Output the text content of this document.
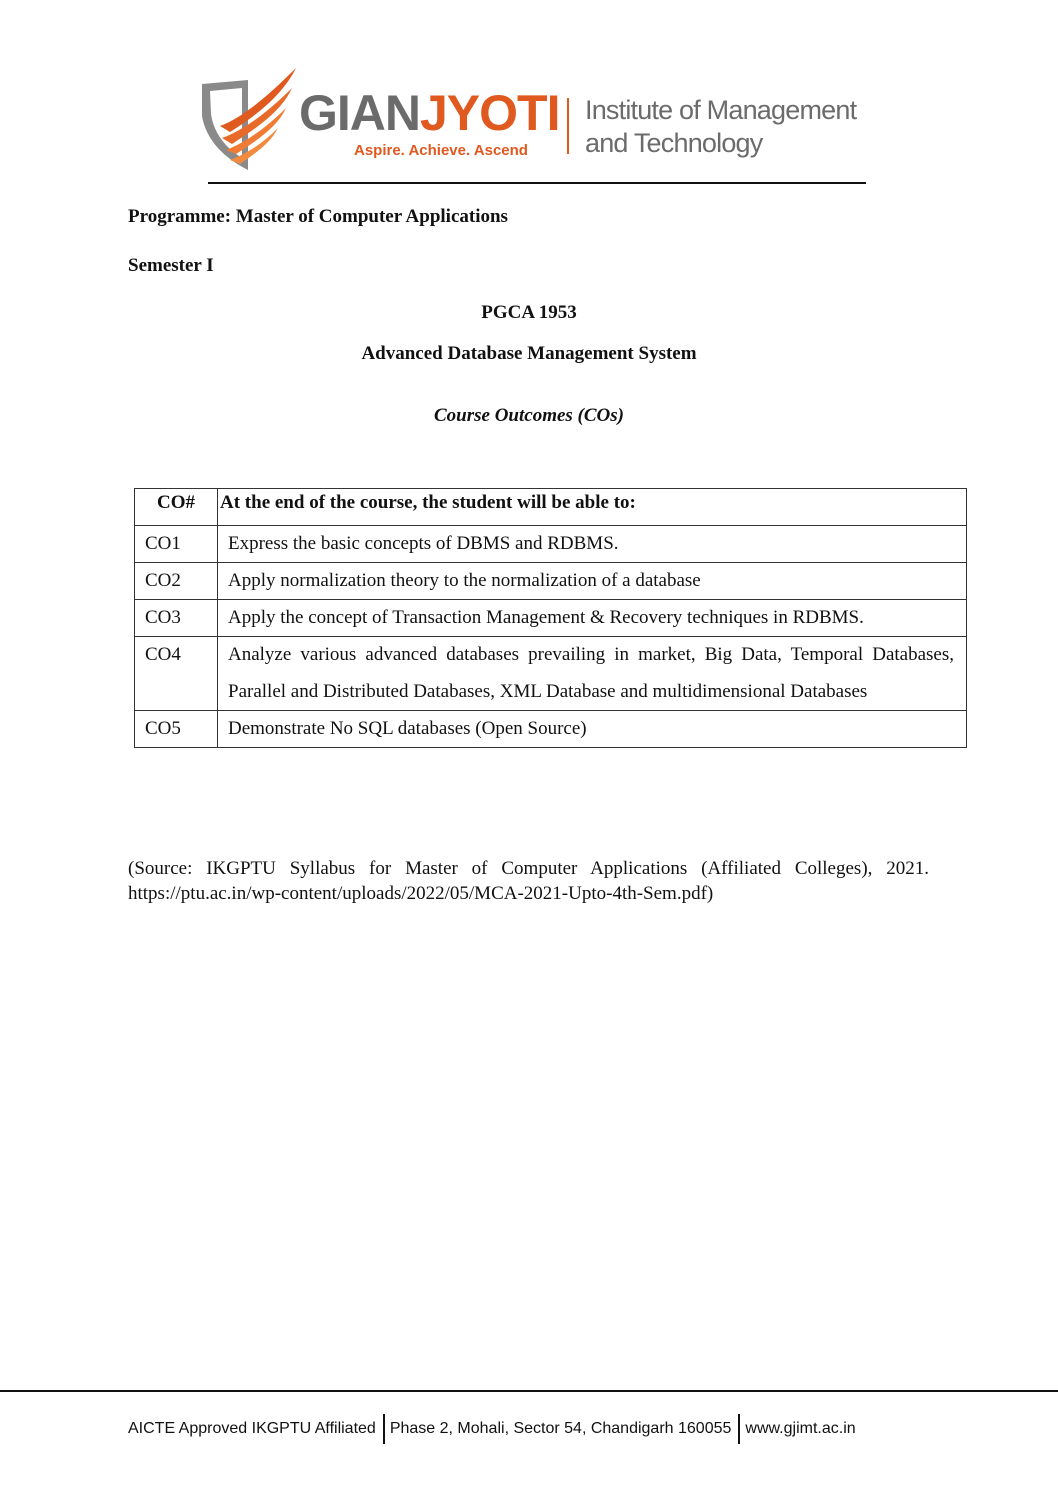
GIANJYOTI
Aspire. Achieve. Ascend
Institute of Management
and Technology
Programme: Master of Computer Applications
Semester I
PGCA 1953
Advanced Database Management System
Course Outcomes (COs)
CO#	At the end of the course, the student will be able to:
CO1	Express the basic concepts of DBMS and RDBMS.
CO2	Apply normalization theory to the normalization of a database
CO3	Apply the concept of Transaction Management & Recovery techniques in RDBMS.
CO4	Analyze various advanced databases prevailing in market, Big Data, Temporal Databases, Parallel and Distributed Databases, XML Database and multidimensional Databases
CO5	Demonstrate No SQL databases (Open Source)
(Source: IKGPTU Syllabus for Master of Computer Applications (Affiliated Colleges), 2021.
https://ptu.ac.in/wp-content/uploads/2022/05/MCA-2021-Upto-4th-Sem.pdf)
AICTE Approved IKGPTU Affiliated Phase 2, Mohali, Sector 54, Chandigarh 160055 www.gjimt.ac.in
